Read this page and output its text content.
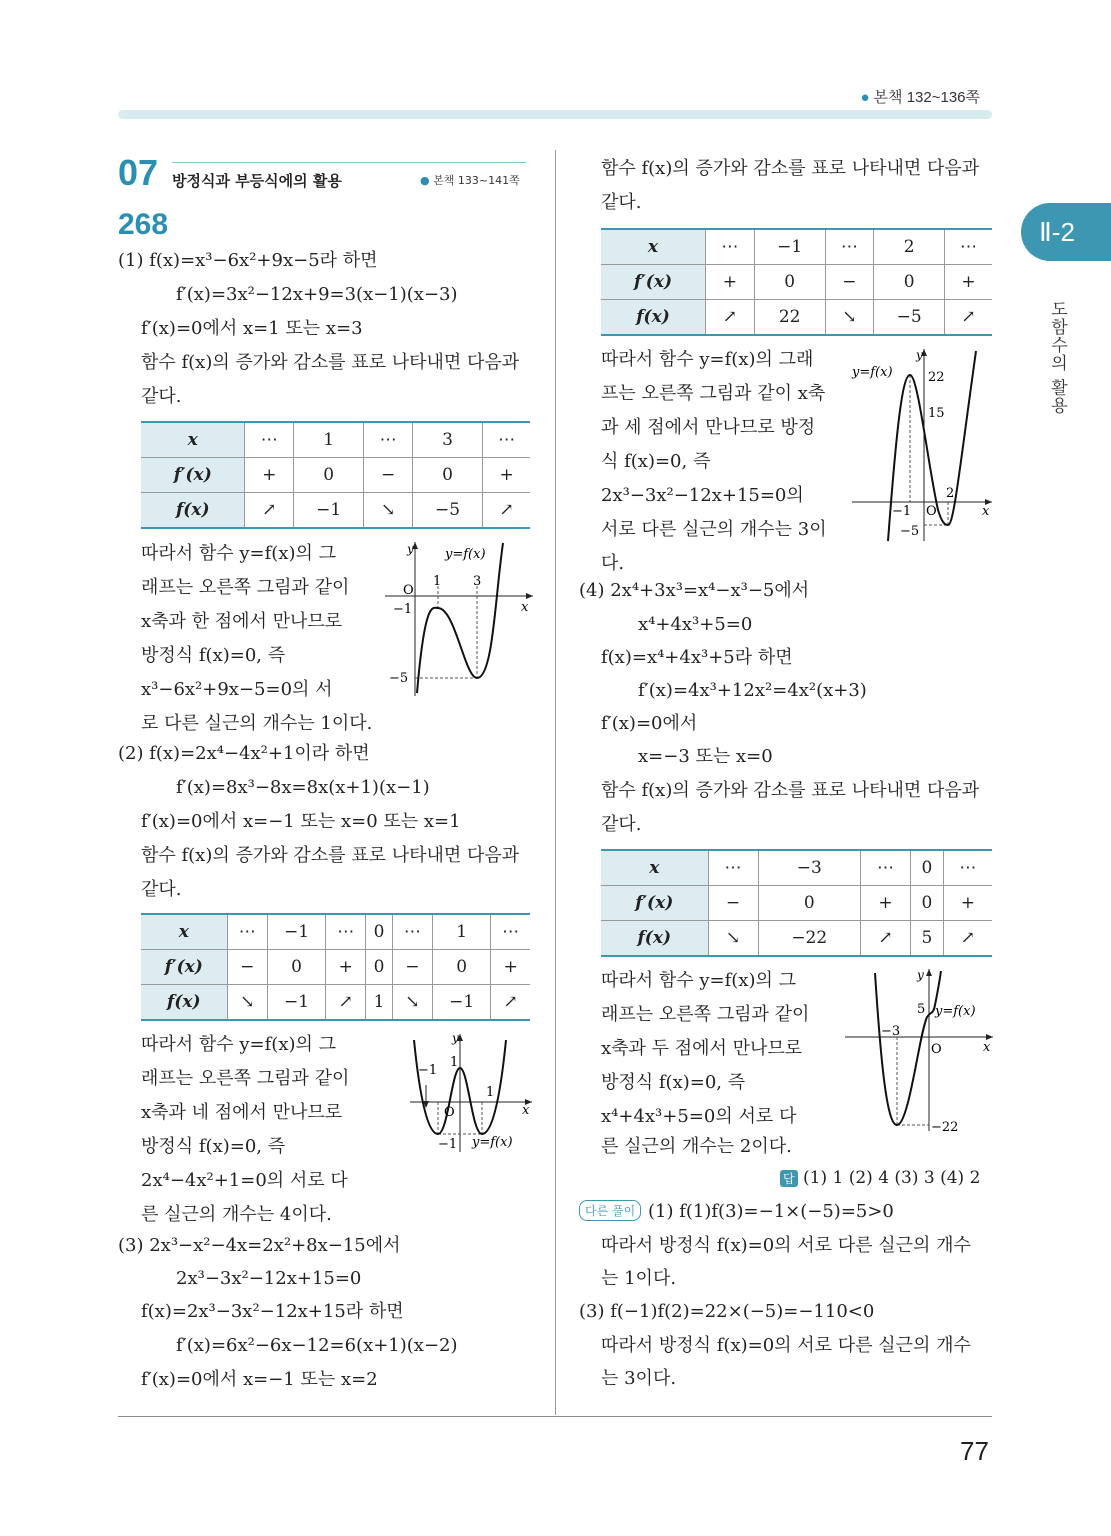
● 본책 132~136쪽
Ⅱ-2
도함수의 활용
07 방정식과 부등식에의 활용	● 본책 133~141쪽
268
(1) f(x)=x³−6x²+9x−5라 하면
f′(x)=3x²−12x+9=3(x−1)(x−3)
f′(x)=0에서 x=1 또는 x=3
함수 f(x)의 증가와 감소를 표로 나타내면 다음과
같다.
x	⋯	1	⋯	3	⋯
f′(x)	+	0	−	0	+
f(x)	↗	−1	↘	−5	↗
따라서 함수 y=f(x)의 그
래프는 오른쪽 그림과 같이
x축과 한 점에서 만나므로
방정식 f(x)=0, 즉
x³−6x²+9x−5=0의 서
로 다른 실근의 개수는 1이다.
y
x
O
y=f(x)
1 3
−1
−5
(2) f(x)=2x⁴−4x²+1이라 하면
f′(x)=8x³−8x=8x(x+1)(x−1)
f′(x)=0에서 x=−1 또는 x=0 또는 x=1
함수 f(x)의 증가와 감소를 표로 나타내면 다음과
같다.
x	⋯	−1	⋯	0	⋯	1	⋯
f′(x)	−	0	+	0	−	0	+
f(x)	↘	−1	↗	1	↘	−1	↗
따라서 함수 y=f(x)의 그
래프는 오른쪽 그림과 같이
x축과 네 점에서 만나므로
방정식 f(x)=0, 즉
2x⁴−4x²+1=0의 서로 다
른 실근의 개수는 4이다.
y
x
O
−1
1
1
−1 y=f(x)
(3) 2x³−x²−4x=2x²+8x−15에서
2x³−3x²−12x+15=0
f(x)=2x³−3x²−12x+15라 하면
f′(x)=6x²−6x−12=6(x+1)(x−2)
f′(x)=0에서 x=−1 또는 x=2
함수 f(x)의 증가와 감소를 표로 나타내면 다음과
같다.
x	⋯	−1	⋯	2	⋯
f′(x)	+	0	−	0	+
f(x)	↗	22	↘	−5	↗
따라서 함수 y=f(x)의 그래
프는 오른쪽 그림과 같이 x축
과 세 점에서 만나므로 방정
식 f(x)=0, 즉
2x³−3x²−12x+15=0의
서로 다른 실근의 개수는 3이
다.
y
y=f(x)	22
15
−1 O
2
−5
x
(4) 2x⁴+3x³=x⁴−x³−5에서
x⁴+4x³+5=0
f(x)=x⁴+4x³+5라 하면
f′(x)=4x³+12x²=4x²(x+3)
f′(x)=0에서
x=−3 또는 x=0
함수 f(x)의 증가와 감소를 표로 나타내면 다음과
같다.
x	⋯	−3	⋯	0	⋯
f′(x)	−	0	+	0	+
f(x)	↘	−22	↗	5	↗
따라서 함수 y=f(x)의 그
래프는 오른쪽 그림과 같이
x축과 두 점에서 만나므로
방정식 f(x)=0, 즉
x⁴+4x³+5=0의 서로 다
른 실근의 개수는 2이다.
y
5 y=f(x)
−3
O	x
−22
답 (1) 1 (2) 4 (3) 3 (4) 2
다른 풀이 (1) f(1)f(3)=−1×(−5)=5>0
따라서 방정식 f(x)=0의 서로 다른 실근의 개수
는 1이다.
(3) f(−1)f(2)=22×(−5)=−110<0
따라서 방정식 f(x)=0의 서로 다른 실근의 개수
는 3이다.
77
